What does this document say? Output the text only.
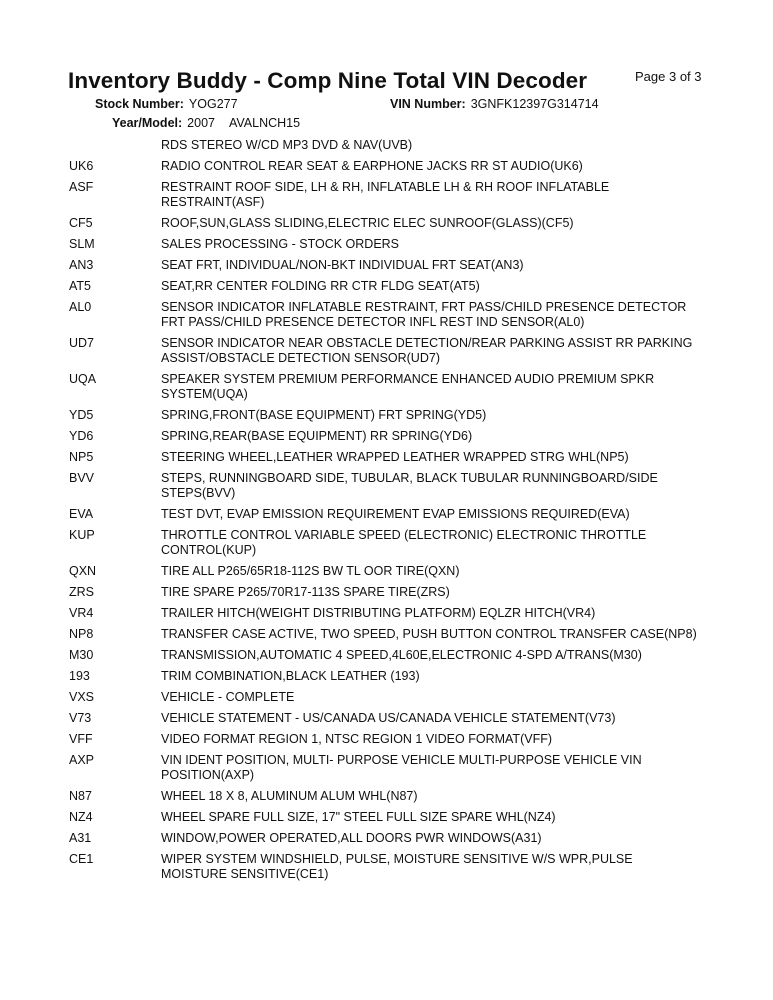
Inventory Buddy - Comp Nine Total VIN Decoder	Page 3 of 3
Stock Number: YOG277	VIN Number: 3GNFK12397G314714
Year/Model: 2007 AVALNCH15
RDS STEREO W/CD MP3 DVD & NAV(UVB)
UK6	RADIO CONTROL REAR SEAT & EARPHONE JACKS RR ST AUDIO(UK6)
ASF	RESTRAINT ROOF SIDE, LH & RH, INFLATABLE LH & RH ROOF INFLATABLE
RESTRAINT(ASF)
CF5	ROOF,SUN,GLASS SLIDING,ELECTRIC ELEC SUNROOF(GLASS)(CF5)
SLM	SALES PROCESSING - STOCK ORDERS
AN3	SEAT FRT, INDIVIDUAL/NON-BKT INDIVIDUAL FRT SEAT(AN3)
AT5	SEAT,RR CENTER FOLDING RR CTR FLDG SEAT(AT5)
AL0	SENSOR INDICATOR INFLATABLE RESTRAINT, FRT PASS/CHILD PRESENCE DETECTOR
FRT PASS/CHILD PRESENCE DETECTOR INFL REST IND SENSOR(AL0)
UD7	SENSOR INDICATOR NEAR OBSTACLE DETECTION/REAR PARKING ASSIST RR PARKING
ASSIST/OBSTACLE DETECTION SENSOR(UD7)
UQA	SPEAKER SYSTEM PREMIUM PERFORMANCE ENHANCED AUDIO PREMIUM SPKR
SYSTEM(UQA)
YD5	SPRING,FRONT(BASE EQUIPMENT) FRT SPRING(YD5)
YD6	SPRING,REAR(BASE EQUIPMENT) RR SPRING(YD6)
NP5	STEERING WHEEL,LEATHER WRAPPED LEATHER WRAPPED STRG WHL(NP5)
BVV	STEPS, RUNNINGBOARD SIDE, TUBULAR, BLACK TUBULAR RUNNINGBOARD/SIDE
STEPS(BVV)
EVA	TEST DVT, EVAP EMISSION REQUIREMENT EVAP EMISSIONS REQUIRED(EVA)
KUP	THROTTLE CONTROL VARIABLE SPEED (ELECTRONIC) ELECTRONIC THROTTLE
CONTROL(KUP)
QXN	TIRE ALL P265/65R18-112S BW TL OOR TIRE(QXN)
ZRS	TIRE SPARE P265/70R17-113S SPARE TIRE(ZRS)
VR4	TRAILER HITCH(WEIGHT DISTRIBUTING PLATFORM) EQLZR HITCH(VR4)
NP8	TRANSFER CASE ACTIVE, TWO SPEED, PUSH BUTTON CONTROL TRANSFER CASE(NP8)
M30	TRANSMISSION,AUTOMATIC 4 SPEED,4L60E,ELECTRONIC 4-SPD A/TRANS(M30)
193	TRIM COMBINATION,BLACK LEATHER (193)
VXS	VEHICLE - COMPLETE
V73	VEHICLE STATEMENT - US/CANADA US/CANADA VEHICLE STATEMENT(V73)
VFF	VIDEO FORMAT REGION 1, NTSC REGION 1 VIDEO FORMAT(VFF)
AXP	VIN IDENT POSITION, MULTI- PURPOSE VEHICLE MULTI-PURPOSE VEHICLE VIN
POSITION(AXP)
N87	WHEEL 18 X 8, ALUMINUM ALUM WHL(N87)
NZ4	WHEEL SPARE FULL SIZE, 17" STEEL FULL SIZE SPARE WHL(NZ4)
A31	WINDOW,POWER OPERATED,ALL DOORS PWR WINDOWS(A31)
CE1	WIPER SYSTEM WINDSHIELD, PULSE, MOISTURE SENSITIVE W/S WPR,PULSE
MOISTURE SENSITIVE(CE1)
